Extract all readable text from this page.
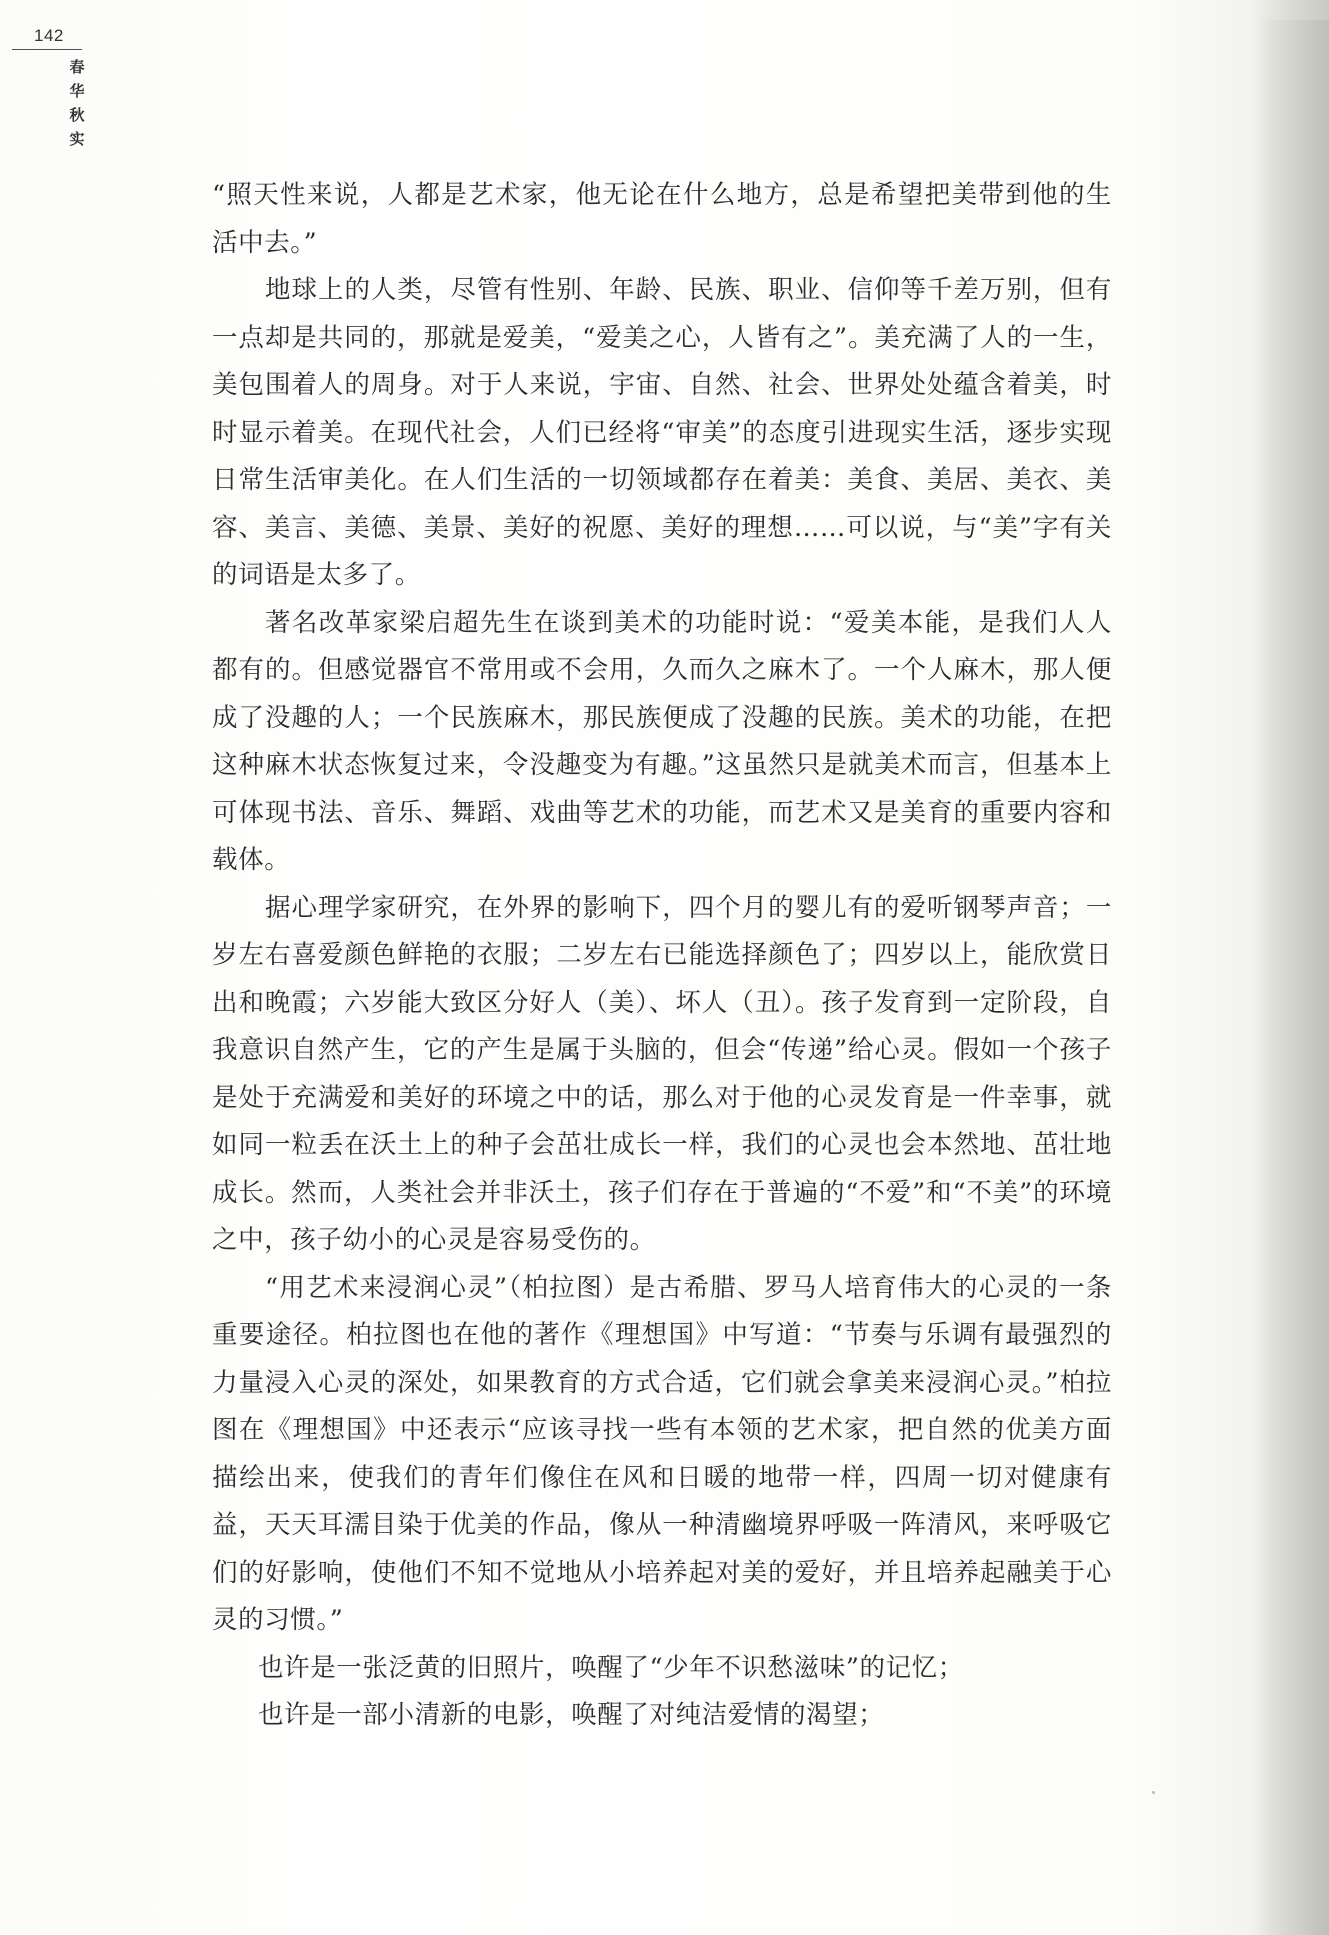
142
春
华
秋
实

“照天性来说，人都是艺术家，他无论在什么地方，总是希望把美带到他的生活中去。”

地球上的人类，尽管有性别、年龄、民族、职业、信仰等千差万别，但有一点却是共同的，那就是爱美，“爱美之心，人皆有之”。美充满了人的一生，美包围着人的周身。对于人来说，宇宙、自然、社会、世界处处蕴含着美，时时显示着美。在现代社会，人们已经将“审美”的态度引进现实生活，逐步实现日常生活审美化。在人们生活的一切领域都存在着美：美食、美居、美衣、美容、美言、美德、美景、美好的祝愿、美好的理想……可以说，与“美”字有关的词语是太多了。

著名改革家梁启超先生在谈到美术的功能时说：“爱美本能，是我们人人都有的。但感觉器官不常用或不会用，久而久之麻木了。一个人麻木，那人便成了没趣的人；一个民族麻木，那民族便成了没趣的民族。美术的功能，在把这种麻木状态恢复过来，令没趣变为有趣。”这虽然只是就美术而言，但基本上可体现书法、音乐、舞蹈、戏曲等艺术的功能，而艺术又是美育的重要内容和载体。

据心理学家研究，在外界的影响下，四个月的婴儿有的爱听钢琴声音；一岁左右喜爱颜色鲜艳的衣服；二岁左右已能选择颜色了；四岁以上，能欣赏日出和晚霞；六岁能大致区分好人（美）、坏人（丑）。孩子发育到一定阶段，自我意识自然产生，它的产生是属于头脑的，但会“传递”给心灵。假如一个孩子是处于充满爱和美好的环境之中的话，那么对于他的心灵发育是一件幸事，就如同一粒丢在沃土上的种子会茁壮成长一样，我们的心灵也会本然地、茁壮地成长。然而，人类社会并非沃土，孩子们存在于普遍的“不爱”和“不美”的环境之中，孩子幼小的心灵是容易受伤的。

“用艺术来浸润心灵”（柏拉图）是古希腊、罗马人培育伟大的心灵的一条重要途径。柏拉图也在他的著作《理想国》中写道：“节奏与乐调有最强烈的力量浸入心灵的深处，如果教育的方式合适，它们就会拿美来浸润心灵。”柏拉图在《理想国》中还表示“应该寻找一些有本领的艺术家，把自然的优美方面描绘出来，使我们的青年们像住在风和日暖的地带一样，四周一切对健康有益，天天耳濡目染于优美的作品，像从一种清幽境界呼吸一阵清风，来呼吸它们的好影响，使他们不知不觉地从小培养起对美的爱好，并且培养起融美于心灵的习惯。”

也许是一张泛黄的旧照片，唤醒了“少年不识愁滋味”的记忆；

也许是一部小清新的电影，唤醒了对纯洁爱情的渴望；
